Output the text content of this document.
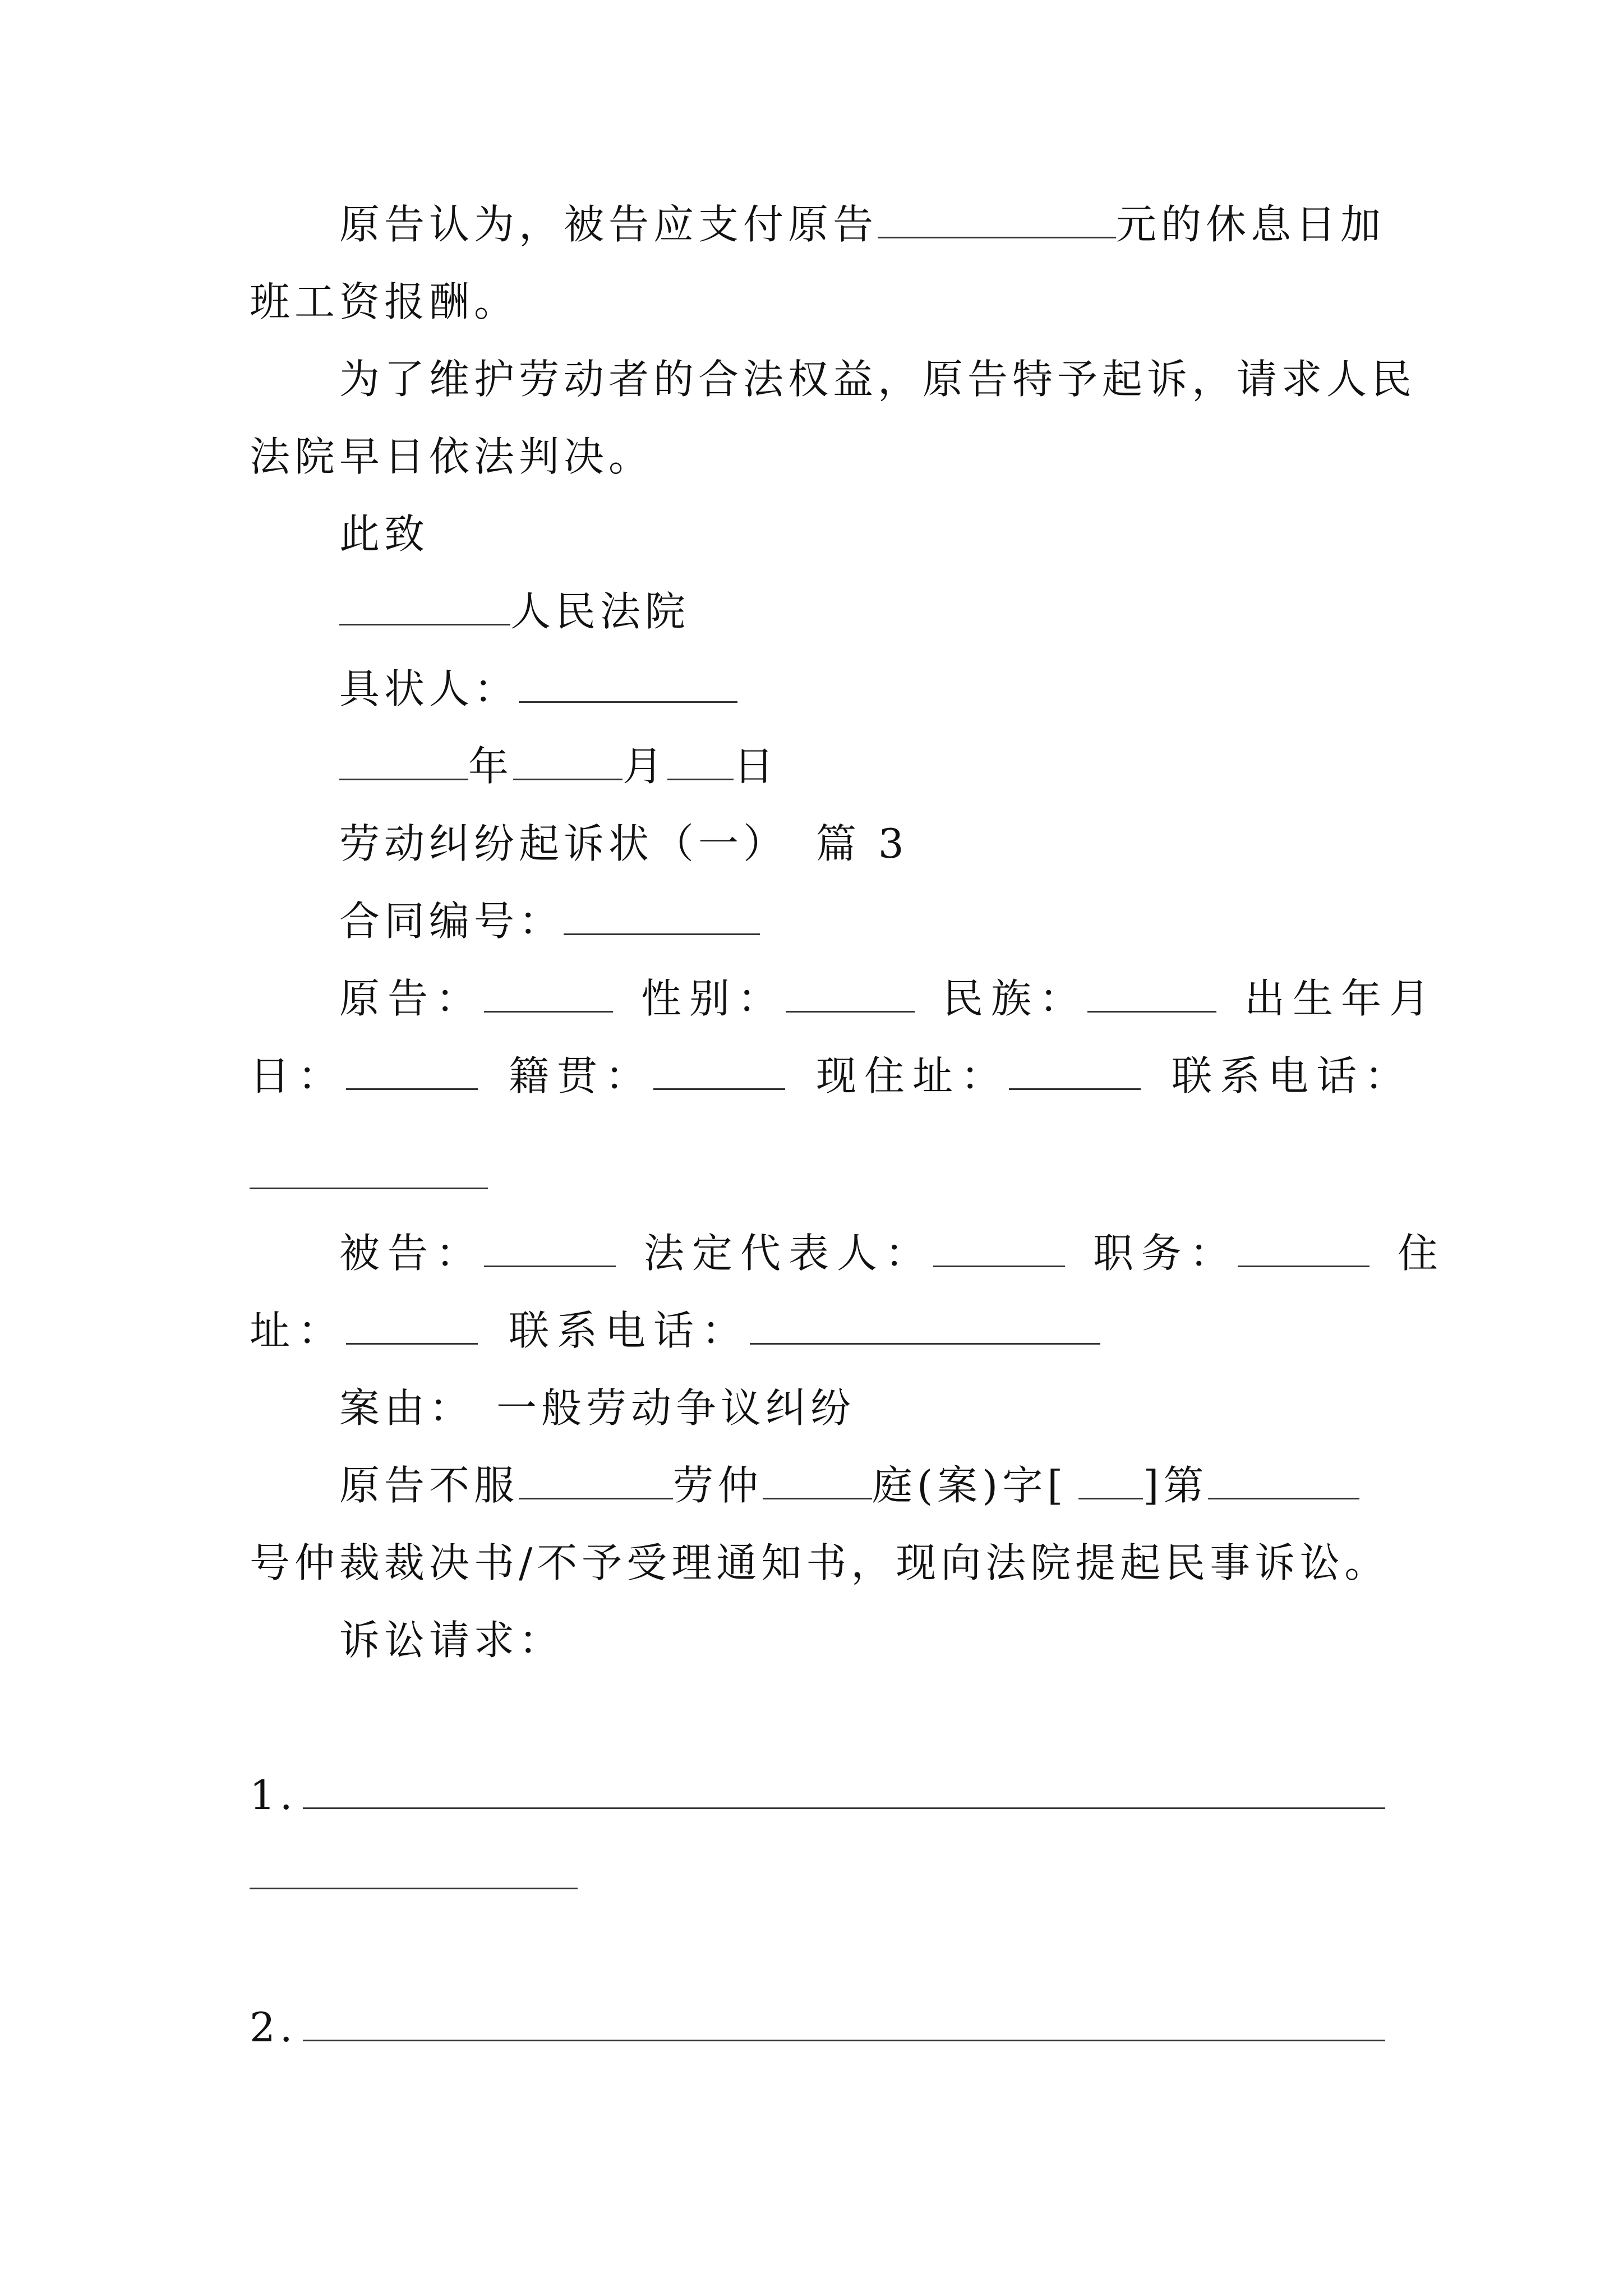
原告认为，被告应支付原告	元的休息日加
班工资报酬。
为了维护劳动者的合法权益，原告特予起诉，请求人民
法院早日依法判决。
此致
人民法院
具状人：
年	月 日
劳动纠纷起诉状（一） 篇 3
合同编号：
原告：	性别：	民族：	出生年月
日：	籍贯：	现住址：	联系电话：
被告：	法定代表人：	职务：	住
址：	联系电话：
案由： 一般劳动争议纠纷
原告不服	劳仲	庭(案)字[ ]第
号仲裁裁决书/不予受理通知书，现向法院提起民事诉讼。
诉讼请求：
1.
2.
